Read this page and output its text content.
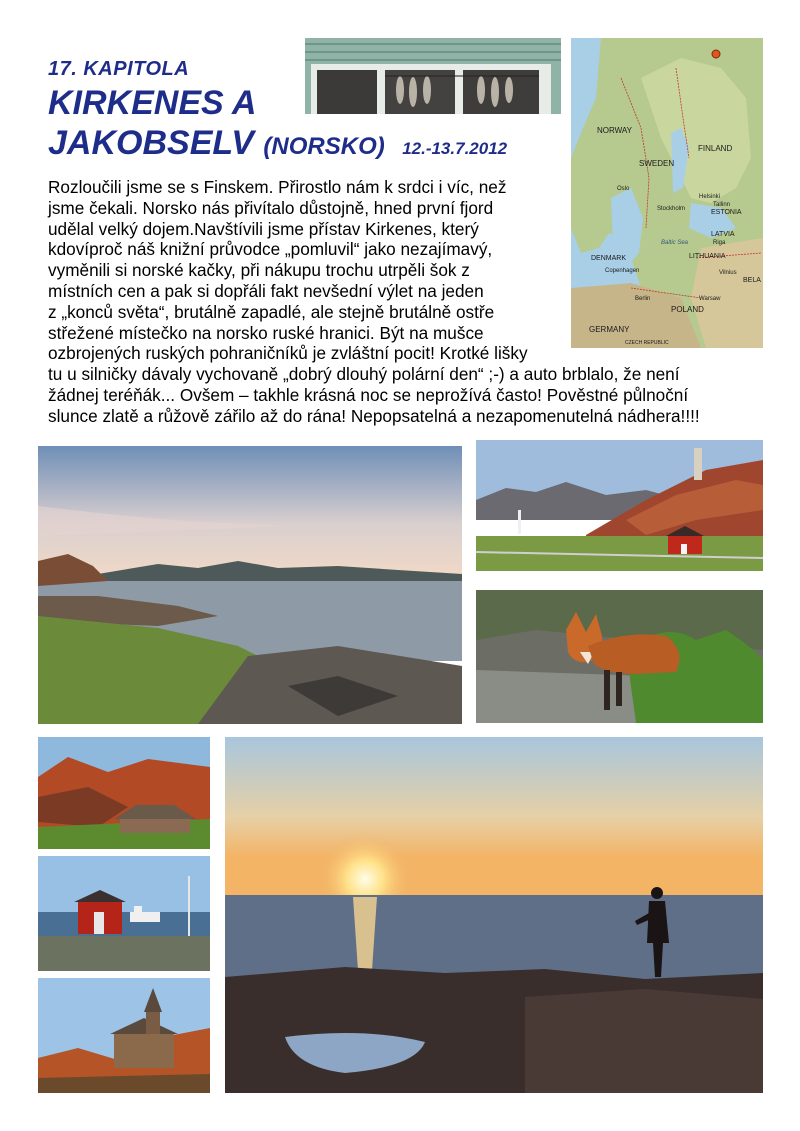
17. KAPITOLA
KIRKENES A
JAKOBSELV (NORSKO) 12.-13.7.2012
Rozloučili jsme se s Finskem. Přirostlo nám k srdci i víc, než
jsme čekali. Norsko nás přivítalo důstojně, hned první fjord
udělal velký dojem.Navštívili jsme přístav Kirkenes, který
kdovíproč náš knižní průvodce „pomluvil“ jako nezajímavý,
vyměnili si norské kačky, při nákupu trochu utrpěli šok z
místních cen a pak si dopřáli fakt nevšední výlet na jeden
z „konců světa“, brutálně zapadlé, ale stejně brutálně ostře
střežené místečko na norsko ruské hranici. Být na mušce
ozbrojených ruských pohraničníků je zvláštní pocit! Krotké lišky
tu u silničky dávaly vychovaně „dobrý dlouhý polární den“ ;-) a auto brblalo, že není
žádnej teréňák... Ovšem – takhle krásná noc se neprožívá často! Pověstné půlnoční
slunce zlatě a růžově zářilo až do rána! Nepopsatelná a nezapomenutelná nádhera!!!!
FINLAND
SWEDEN
NORWAY
ESTONIA
LATVIA
LITHUANIA
POLAND
GERMANY
DENMARK
BELA
Helsinki
Stockholm
Oslo
Riga
Vilnius
Warsaw
Berlin
Copenhagen
Tallinn
CZECH REPUBLIC
Baltic Sea
